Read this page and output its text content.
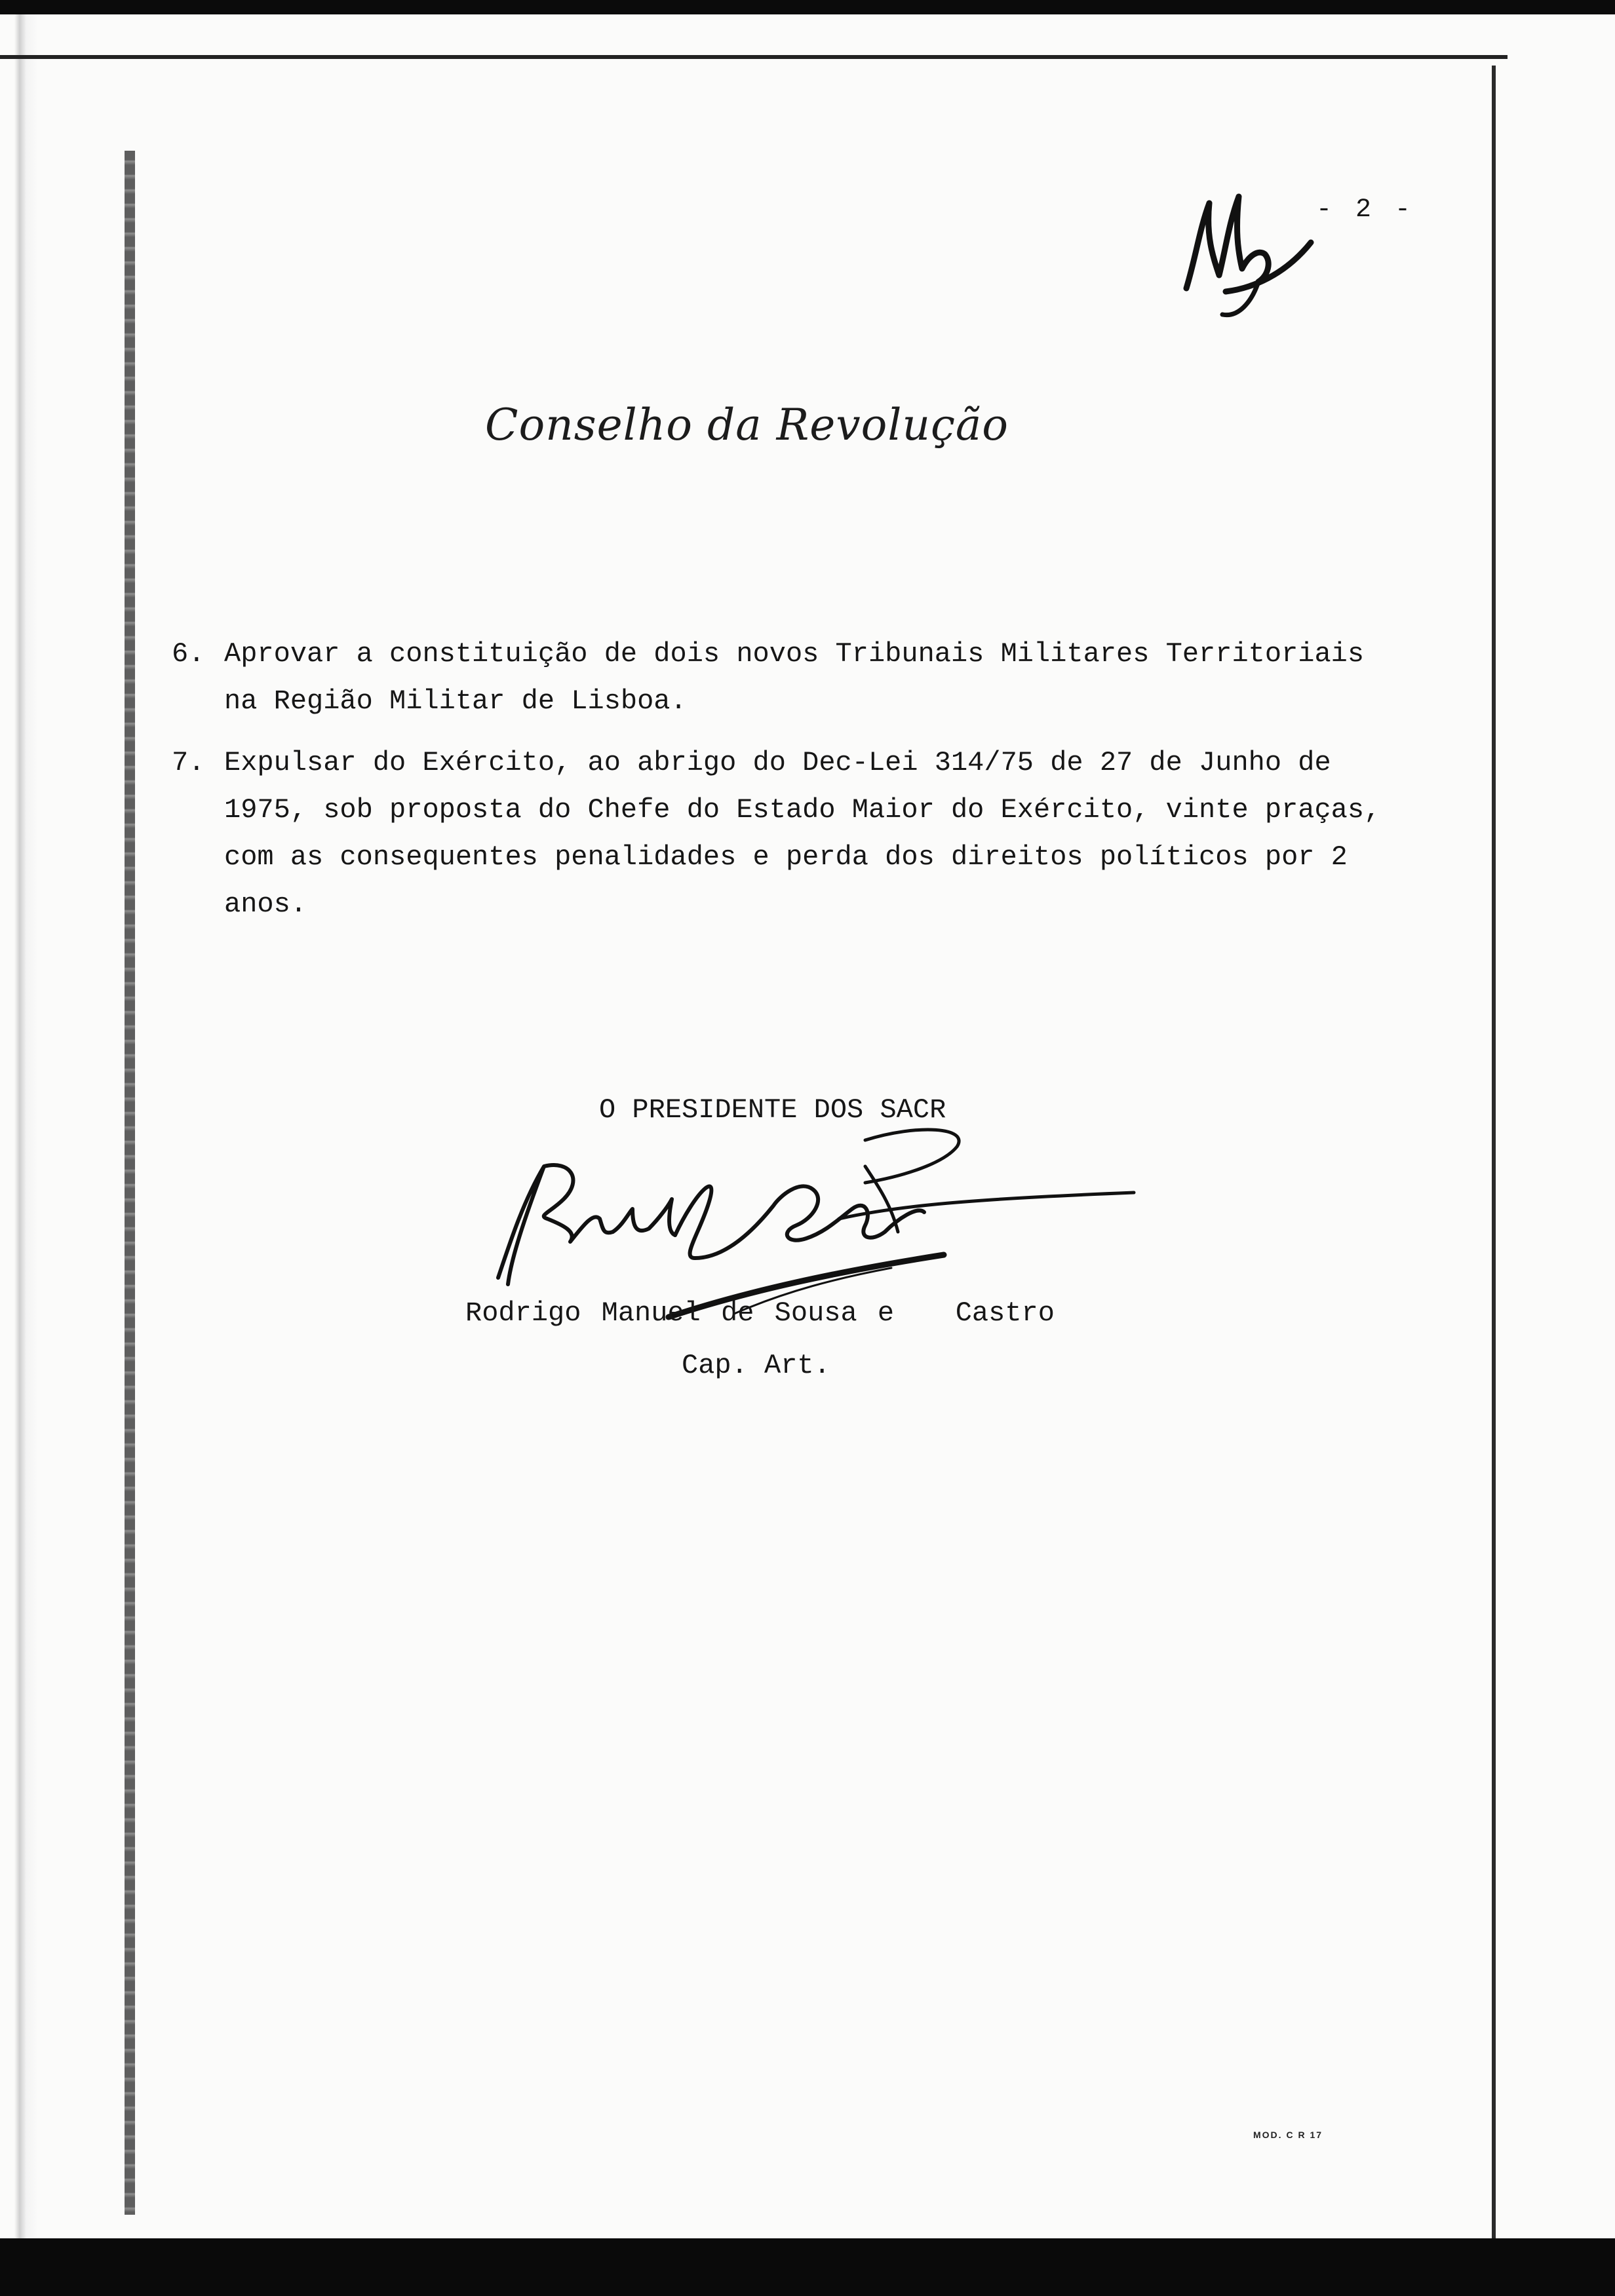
- 2 -
Conselho da Revolução
6. Aprovar a constituição de dois novos Tribunais Militares Territoriais
na Região Militar de Lisboa.
7. Expulsar do Exército, ao abrigo do Dec-Lei 314/75 de 27 de Junho de
1975, sob proposta do Chefe do Estado Maior do Exército, vinte praças,
com as consequentes penalidades e perda dos direitos políticos por 2
anos.
O PRESIDENTE DOS SACR
Rodrigo Manuel de Sousa e   Castro
Cap. Art.
MOD. C R 17
